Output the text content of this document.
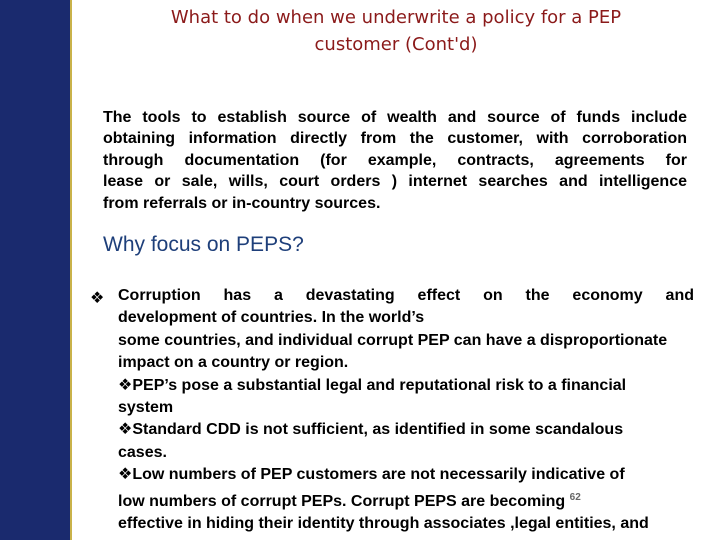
What to do when we underwrite a policy for a PEP
customer (Cont'd)
The tools to establish source of wealth and source of funds include
obtaining information directly from the customer, with corroboration
through documentation (for example, contracts, agreements for
lease or sale, wills, court orders ) internet searches and intelligence
from referrals or in-country sources.
Why focus on PEPS?
❖ Corruption has a devastating effect on the economy and
development of countries. In the world’s
some countries, and individual corrupt PEP can have a disproportionate
impact on a country or region.
❖PEP’s pose a substantial legal and reputational risk to a financial
system
❖Standard CDD is not sufficient, as identified in some scandalous
cases.
❖Low numbers of PEP customers are not necessarily indicative of
low numbers of corrupt PEPs. Corrupt PEPS are becoming $^{62}$
effective in hiding their identity through associates ,legal entities, and
